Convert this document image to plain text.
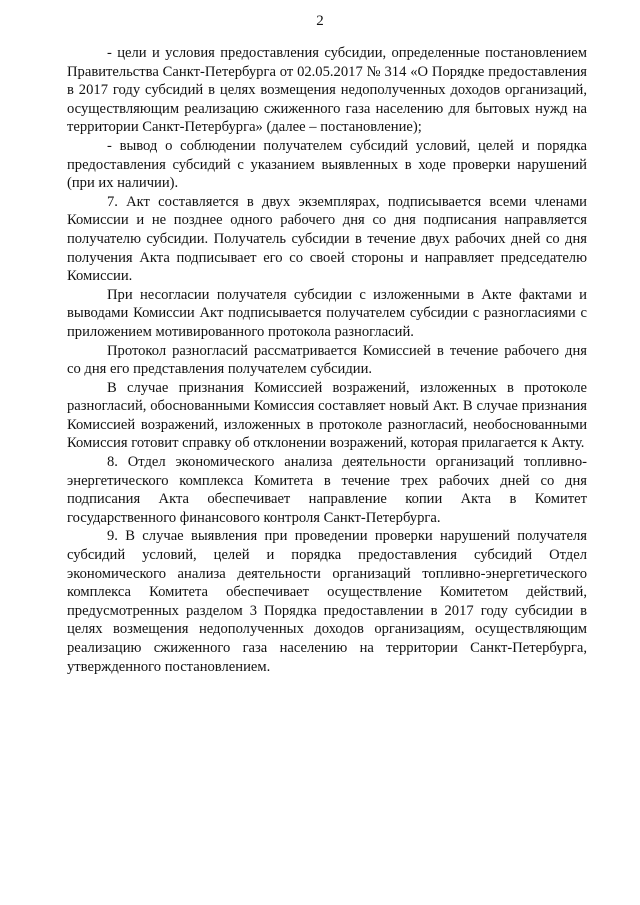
2

- цели и условия предоставления субсидии, определенные постановлением Правительства Санкт-Петербурга от 02.05.2017 № 314 «О Порядке предоставления в 2017 году субсидий в целях возмещения недополученных доходов организаций, осуществляющим реализацию сжиженного газа населению для бытовых нужд на территории Санкт-Петербурга» (далее – постановление);

- вывод о соблюдении получателем субсидий условий, целей и порядка предоставления субсидий с указанием выявленных в ходе проверки нарушений (при их наличии).

7. Акт составляется в двух экземплярах, подписывается всеми членами Комиссии и не позднее одного рабочего дня со дня подписания направляется получателю субсидии. Получатель субсидии в течение двух рабочих дней со дня получения Акта подписывает его со своей стороны и направляет председателю Комиссии.

При несогласии получателя субсидии с изложенными в Акте фактами и выводами Комиссии Акт подписывается получателем субсидии с разногласиями с приложением мотивированного протокола разногласий.

Протокол разногласий рассматривается Комиссией в течение рабочего дня со дня его представления получателем субсидии.

В случае признания Комиссией возражений, изложенных в протоколе разногласий, обоснованными Комиссия составляет новый Акт. В случае признания Комиссией возражений, изложенных в протоколе разногласий, необоснованными Комиссия готовит справку об отклонении возражений, которая прилагается к Акту.

8. Отдел экономического анализа деятельности организаций топливно-энергетического комплекса Комитета в течение трех рабочих дней со дня подписания Акта обеспечивает направление копии Акта в Комитет государственного финансового контроля Санкт-Петербурга.

9. В случае выявления при проведении проверки нарушений получателя субсидий условий, целей и порядка предоставления субсидий Отдел экономического анализа деятельности организаций топливно-энергетического комплекса Комитета обеспечивает осуществление Комитетом действий, предусмотренных разделом 3 Порядка предоставлении в 2017 году субсидии в целях возмещения недополученных доходов организациям, осуществляющим реализацию сжиженного газа населению на территории Санкт-Петербурга, утвержденного постановлением.
